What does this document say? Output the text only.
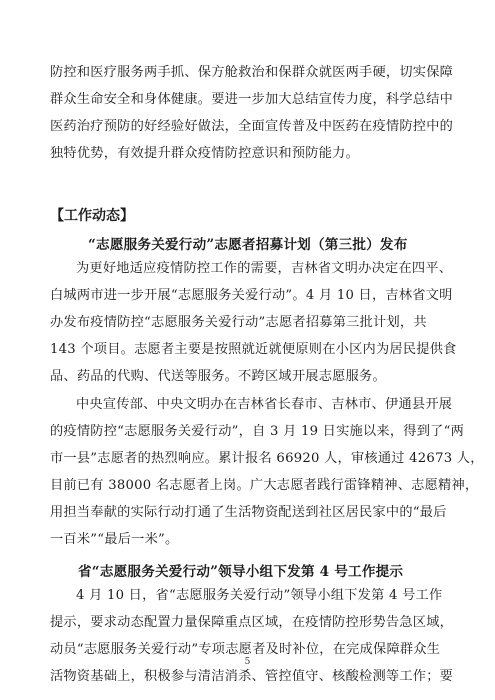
防控和医疗服务两手抓、保方舱救治和保群众就医两手硬，切实保障
群众生命安全和身体健康。要进一步加大总结宣传力度，科学总结中
医药治疗预防的好经验好做法，全面宣传普及中医药在疫情防控中的
独特优势，有效提升群众疫情防控意识和预防能力。
【工作动态】
“志愿服务关爱行动”志愿者招募计划（第三批）发布
为更好地适应疫情防控工作的需要，吉林省文明办决定在四平、
白城两市进一步开展“志愿服务关爱行动”。4 月 10 日，吉林省文明
办发布疫情防控“志愿服务关爱行动”志愿者招募第三批计划，共
143 个项目。志愿者主要是按照就近就便原则在小区内为居民提供食
品、药品的代购、代送等服务。不跨区域开展志愿服务。
中央宣传部、中央文明办在吉林省长春市、吉林市、伊通县开展
的疫情防控“志愿服务关爱行动”，自 3 月 19 日实施以来，得到了“两
市一县”志愿者的热烈响应。累计报名 66920 人，审核通过 42673 人，
目前已有 38000 名志愿者上岗。广大志愿者践行雷锋精神、志愿精神，
用担当奉献的实际行动打通了生活物资配送到社区居民家中的“最后
一百米”“最后一米”。
省“志愿服务关爱行动”领导小组下发第 4 号工作提示
4 月 10 日，省“志愿服务关爱行动”领导小组下发第 4 号工作
提示，要求动态配置力量保障重点区域，在疫情防控形势告急区域，
动员“志愿服务关爱行动”专项志愿者及时补位，在完成保障群众生
活物资基础上，积极参与清洁消杀、管控值守、核酸检测等工作；要
5
